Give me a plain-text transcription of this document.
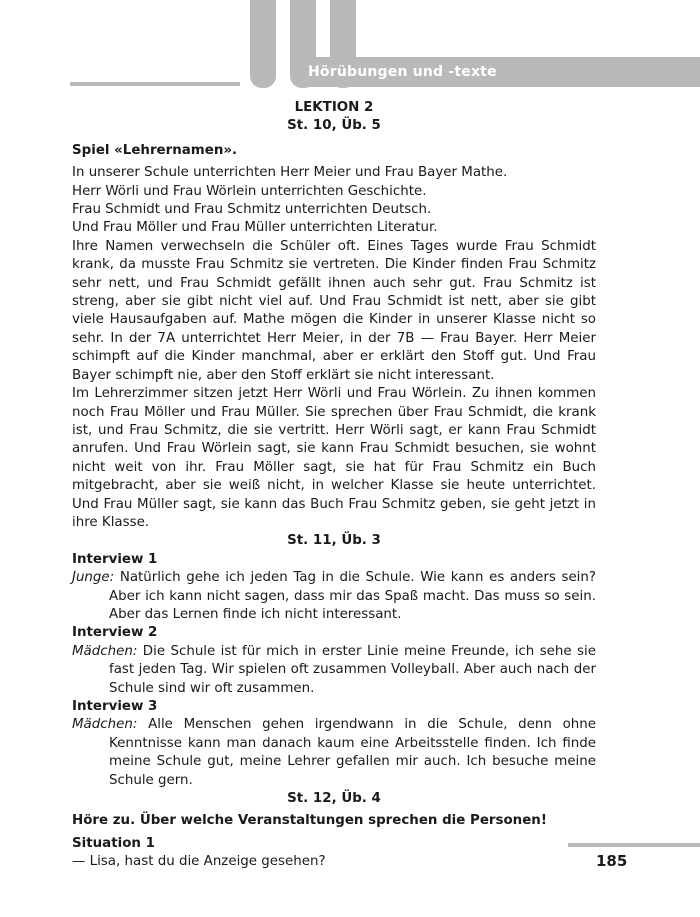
Hörübungen und -texte
LEKTION 2
St. 10, Üb. 5
Spiel «Lehrernamen».

In unserer Schule unterrichten Herr Meier und Frau Bayer Mathe.

Herr Wörli und Frau Wörlein unterrichten Geschichte.

Frau Schmidt und Frau Schmitz unterrichten Deutsch.

Und Frau Möller und Frau Müller unterrichten Literatur.

Ihre Namen verwechseln die Schüler oft. Eines Tages wurde Frau Schmidt krank, da musste Frau Schmitz sie vertreten. Die Kinder finden Frau Schmitz sehr nett, und Frau Schmidt gefällt ihnen auch sehr gut. Frau Schmitz ist streng, aber sie gibt nicht viel auf. Und Frau Schmidt ist nett, aber sie gibt viele Hausaufgaben auf. Mathe mögen die Kinder in unserer Klasse nicht so sehr. In der 7A unterrichtet Herr Meier, in der 7B — Frau Bayer. Herr Meier schimpft auf die Kinder manchmal, aber er erklärt den Stoff gut. Und Frau Bayer schimpft nie, aber den Stoff erklärt sie nicht interessant.

Im Lehrerzimmer sitzen jetzt Herr Wörli und Frau Wörlein. Zu ihnen kommen noch Frau Möller und Frau Müller. Sie sprechen über Frau Schmidt, die krank ist, und Frau Schmitz, die sie vertritt. Herr Wörli sagt, er kann Frau Schmidt anrufen. Und Frau Wörlein sagt, sie kann Frau Schmidt besuchen, sie wohnt nicht weit von ihr. Frau Möller sagt, sie hat für Frau Schmitz ein Buch mitgebracht, aber sie weiß nicht, in welcher Klasse sie heute unterrichtet. Und Frau Müller sagt, sie kann das Buch Frau Schmitz geben, sie geht jetzt in ihre Klasse.

St. 11, Üb. 3
Interview 1

Junge: Natürlich gehe ich jeden Tag in die Schule. Wie kann es anders sein? Aber ich kann nicht sagen, dass mir das Spaß macht. Das muss so sein. Aber das Lernen finde ich nicht interessant.

Interview 2

Mädchen: Die Schule ist für mich in erster Linie meine Freunde, ich sehe sie fast jeden Tag. Wir spielen oft zusammen Volleyball. Aber auch nach der Schule sind wir oft zusammen.

Interview 3

Mädchen: Alle Menschen gehen irgendwann in die Schule, denn ohne Kenntnisse kann man danach kaum eine Arbeitsstelle finden. Ich finde meine Schule gut, meine Lehrer gefallen mir auch. Ich besuche meine Schule gern.

St. 12, Üb. 4
Höre zu. Über welche Veranstaltungen sprechen die Personen!
Situation 1
— Lisa, hast du die Anzeige gesehen?	185
